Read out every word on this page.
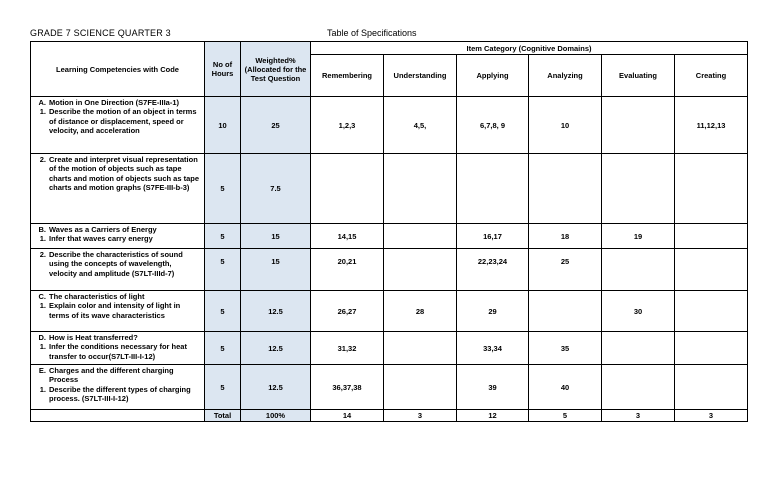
GRADE 7 SCIENCE QUARTER 3	Table of Specifications
Learning Competencies with Code	No of Hours	Weighted% (Allocated for the Test Question	Item Category (Cognitive Domains)					
			Remembering	Understanding	Applying	Analyzing	Evaluating	Creating

A. Motion in One Direction (S7FE-IIIa-1)
1. Describe the motion of an object in terms of distance or displacement, speed or velocity, and acceleration	10	25	1,2,3	4,5,	6,7,8, 9	10		11,12,13

2. Create and interpret visual representation of the motion of objects such as tape charts and motion of objects such as tape charts and motion graphs (S7FE-III-b-3)	5	7.5						

B. Waves as a Carriers of Energy
1. Infer that waves carry energy	5	15	14,15		16,17	18	19	

2. Describe the characteristics of sound using the concepts of wavelength, velocity and amplitude (S7LT-IIId-7)	5	15	20,21		22,23,24	25		

C. The characteristics of light
1. Explain color and intensity of light in terms of its wave characteristics	5	12.5	26,27	28	29		30	

D. How is Heat transferred?
1. Infer the conditions necessary for heat transfer to occur(S7LT-III-I-12)	5	12.5	31,32		33,34	35		

E. Charges and the different charging Process
1. Describe the different types of charging process. (S7LT-III-I-12)	5	12.5	36,37,38		39	40		
	Total	100%	14	3	12	5	3	3
